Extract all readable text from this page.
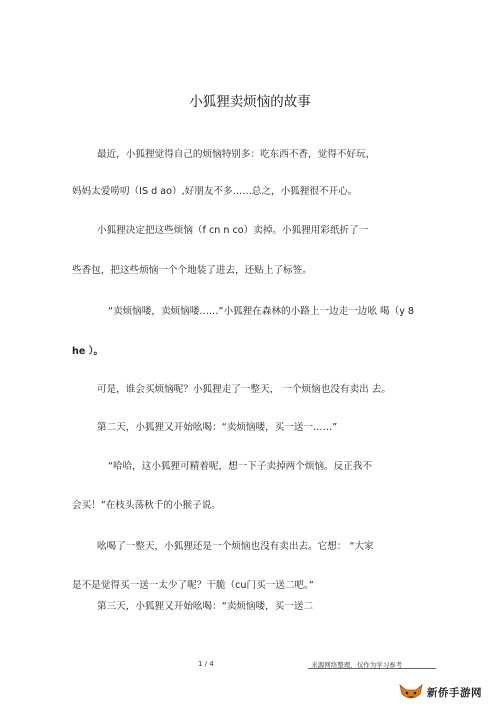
小狐狸卖烦恼的故事
最近，小狐狸觉得自己的烦恼特别多：吃东西不香，觉得不好玩，
妈妈太爱唠叨（IS d ao）,好朋友不多……总之，小狐狸很不开心。
小狐狸决定把这些烦恼（f cn n co）卖掉。小狐狸用彩纸折了一
些香包，把这些烦恼一个个地装了进去，还贴上了标签。
“卖烦恼喽，卖烦恼喽……”小狐狸在森林的小路上一边走一边吆 喝（y 8
he ）。
可是，谁会买烦恼呢？小狐狸走了一整天， 一个烦恼也没有卖出 去。
第二天，小狐狸又开始吆喝：“卖烦恼喽，买一送一……”
“哈哈，这小狐狸可精着呢，想一下子卖掉两个烦恼。反正我不
会买！”在枝头荡秋千的小猴子说。
吆喝了一整天，小狐狸还是一个烦恼也没有卖出去。它想： “大家
是不是觉得买一送一太少了呢？干脆（cu门买一送二吧。”
第三天，小狐狸又开始吆喝：“卖烦恼喽，买一送二
1 / 4	_来源网络整理，仅作为学习参考
新侨手游网
